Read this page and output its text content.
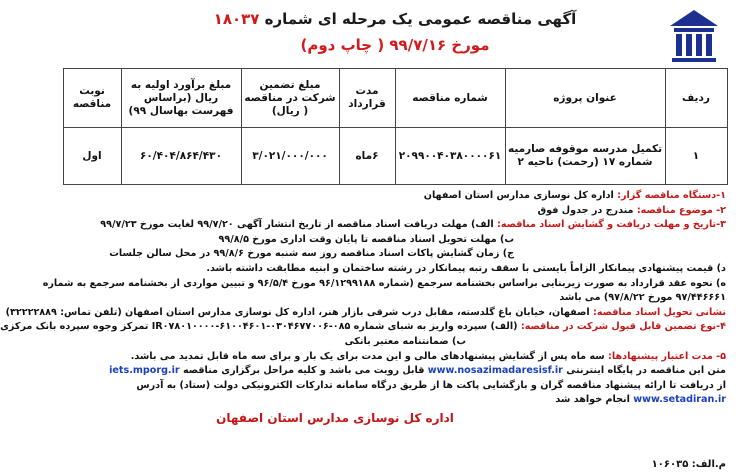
آگهی مناقصه عمومی یک مرحله ای شماره ۱۸۰۳۷
مورخ ۹۹/۷/۱۶ ( چاپ دوم)
ردیف	عنوان پروژه	شماره مناقصه	مدت قرارداد	مبلغ تضمین شرکت در مناقصه ( ریال)	مبلغ برآورد اولیه به ریال (براساس فهرست بهاسال ۹۹)	نوبت مناقصه
۱	تکمیل مدرسه موقوفه صارمیه شماره ۱۷ (رحمت) ناحیه ۲	۲۰۹۹۰۰۴۰۳۸۰۰۰۰۶۱	۶ماه	۳/۰۲۱/۰۰۰/۰۰۰	۶۰/۴۰۴/۸۶۴/۴۳۰	اول
۱-دستگاه مناقصه گزار: اداره کل نوسازی مدارس استان اصفهان
۲- موضوع مناقصه: مندرج در جدول فوق
۳-تاریخ و مهلت دریافت و گشایش اسناد مناقصه: الف) مهلت دریافت اسناد مناقصه از تاریخ انتشار آگهی ۹۹/۷/۲۰ لغایت مورخ ۹۹/۷/۲۳
ب) مهلت تحویل اسناد مناقصه تا پایان وقت اداری مورخ ۹۹/۸/۵
ج) زمان گشایش پاکات اسناد مناقصه روز سه شنبه مورخ ۹۹/۸/۶ در محل سالن جلسات
د) قیمت پیشنهادی پیمانکار الزاماً بایستی با سقف رتبه پیمانکار در رشته ساختمان و ابنیه مطابقت داشته باشد.
ه) نحوه عقد قرارداد به صورت زیربنایی براساس بخشنامه سرجمع (شماره ۹۶/۱۲۹۹۱۸۸ مورخ ۹۶/۵/۴ و تبیین مواردی از بخشنامه سرجمع به شماره
۹۷/۴۴۶۶۶۱ مورخ ۹۷/۸/۲۲) می باشد
نشانی تحویل اسناد مناقصه: اصفهان، خیابان باغ گلدسته، مقابل درب شرقی بازار هنر، اداره کل نوسازی مدارس استان اصفهان (تلفن تماس: ۳۲۲۲۲۸۸۹)
۴-نوع تضمین قابل قبول شرکت در مناقصه: (الف) سپرده واریز به شبای شماره ۰۸۵-۰۳۰۴۶۷۷۰۰۶-۶۱۰۰۴۶۰۱-IR۰۷۸۰۱۰۰۰۰ تمرکز وجوه سپرده بانک مرکزی
ب) ضمانتنامه معتبر بانکی
۵- مدت اعتبار پیشنهادها: سه ماه پس از گشایش پیشنهادهای مالی و این مدت برای یک بار و برای سه ماه قابل تمدید می باشد.
متن این مناقصه در پایگاه اینترنتی www.nosazimadaresisf.ir قابل رویت می باشد و کلیه مراحل برگزاری مناقصه iets.mporg.ir
از دریافت تا ارائه پیشنهاد مناقصه گران و بازگشایی پاکت ها از طریق درگاه سامانه تدارکات الکترونیکی دولت (ستاد) به آدرس
www.setadiran.ir انجام خواهد شد
اداره کل نوسازی مدارس استان اصفهان
م.الف: ۱۰۶۰۳۵
